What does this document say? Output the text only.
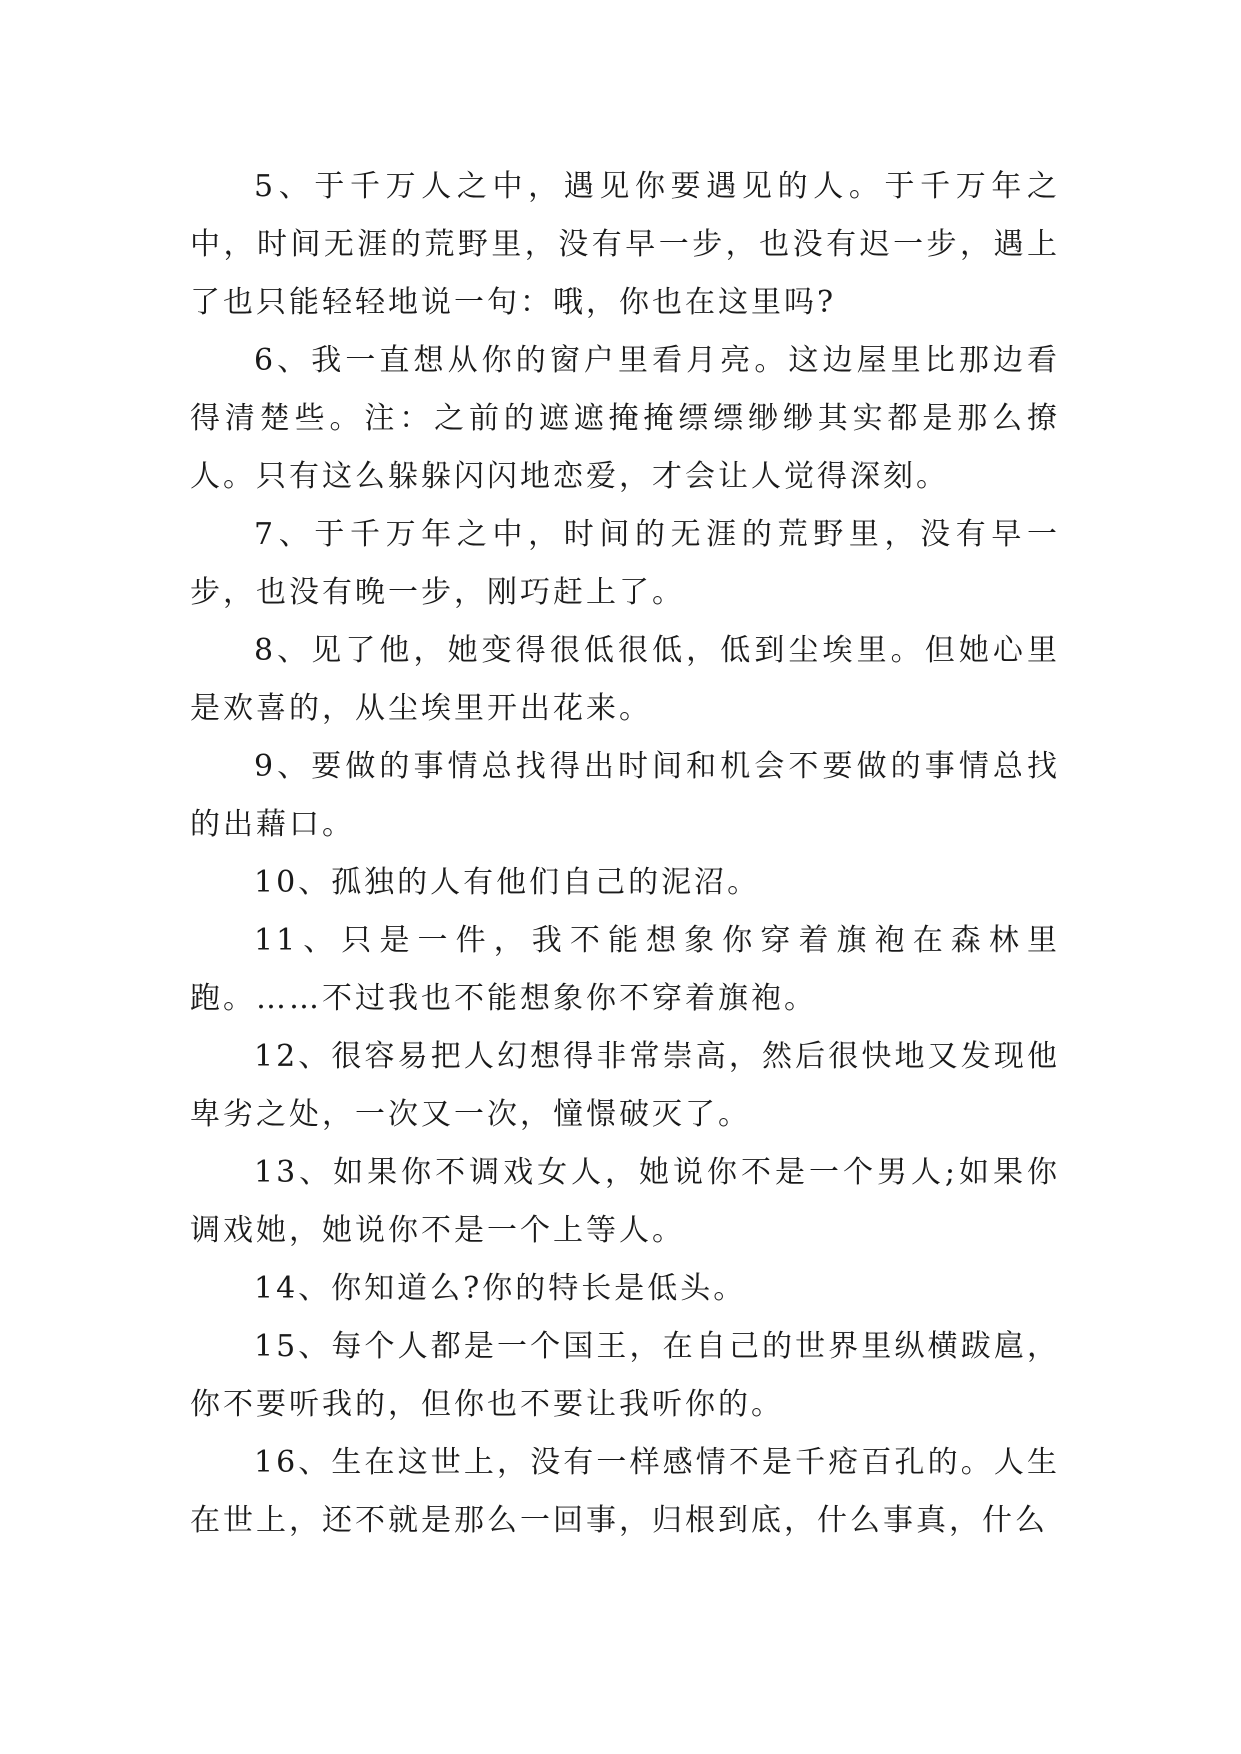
5、于千万人之中，遇见你要遇见的人。于千万年之中，时间无涯的荒野里，没有早一步，也没有迟一步，遇上了也只能轻轻地说一句：哦，你也在这里吗?

6、我一直想从你的窗户里看月亮。这边屋里比那边看得清楚些。注：之前的遮遮掩掩缥缥缈缈其实都是那么撩人。只有这么躲躲闪闪地恋爱，才会让人觉得深刻。

7、于千万年之中，时间的无涯的荒野里，没有早一步，也没有晚一步，刚巧赶上了。

8、见了他，她变得很低很低，低到尘埃里。但她心里是欢喜的，从尘埃里开出花来。

9、要做的事情总找得出时间和机会不要做的事情总找的出藉口。

10、孤独的人有他们自己的泥沼。

11、只是一件，我不能想象你穿着旗袍在森林里跑。……不过我也不能想象你不穿着旗袍。

12、很容易把人幻想得非常崇高，然后很快地又发现他卑劣之处，一次又一次，憧憬破灭了。

13、如果你不调戏女人，她说你不是一个男人;如果你调戏她，她说你不是一个上等人。

14、你知道么?你的特长是低头。

15、每个人都是一个国王，在自己的世界里纵横跋扈，你不要听我的，但你也不要让我听你的。

16、生在这世上，没有一样感情不是千疮百孔的。人生在世上，还不就是那么一回事，归根到底，什么事真，什么
